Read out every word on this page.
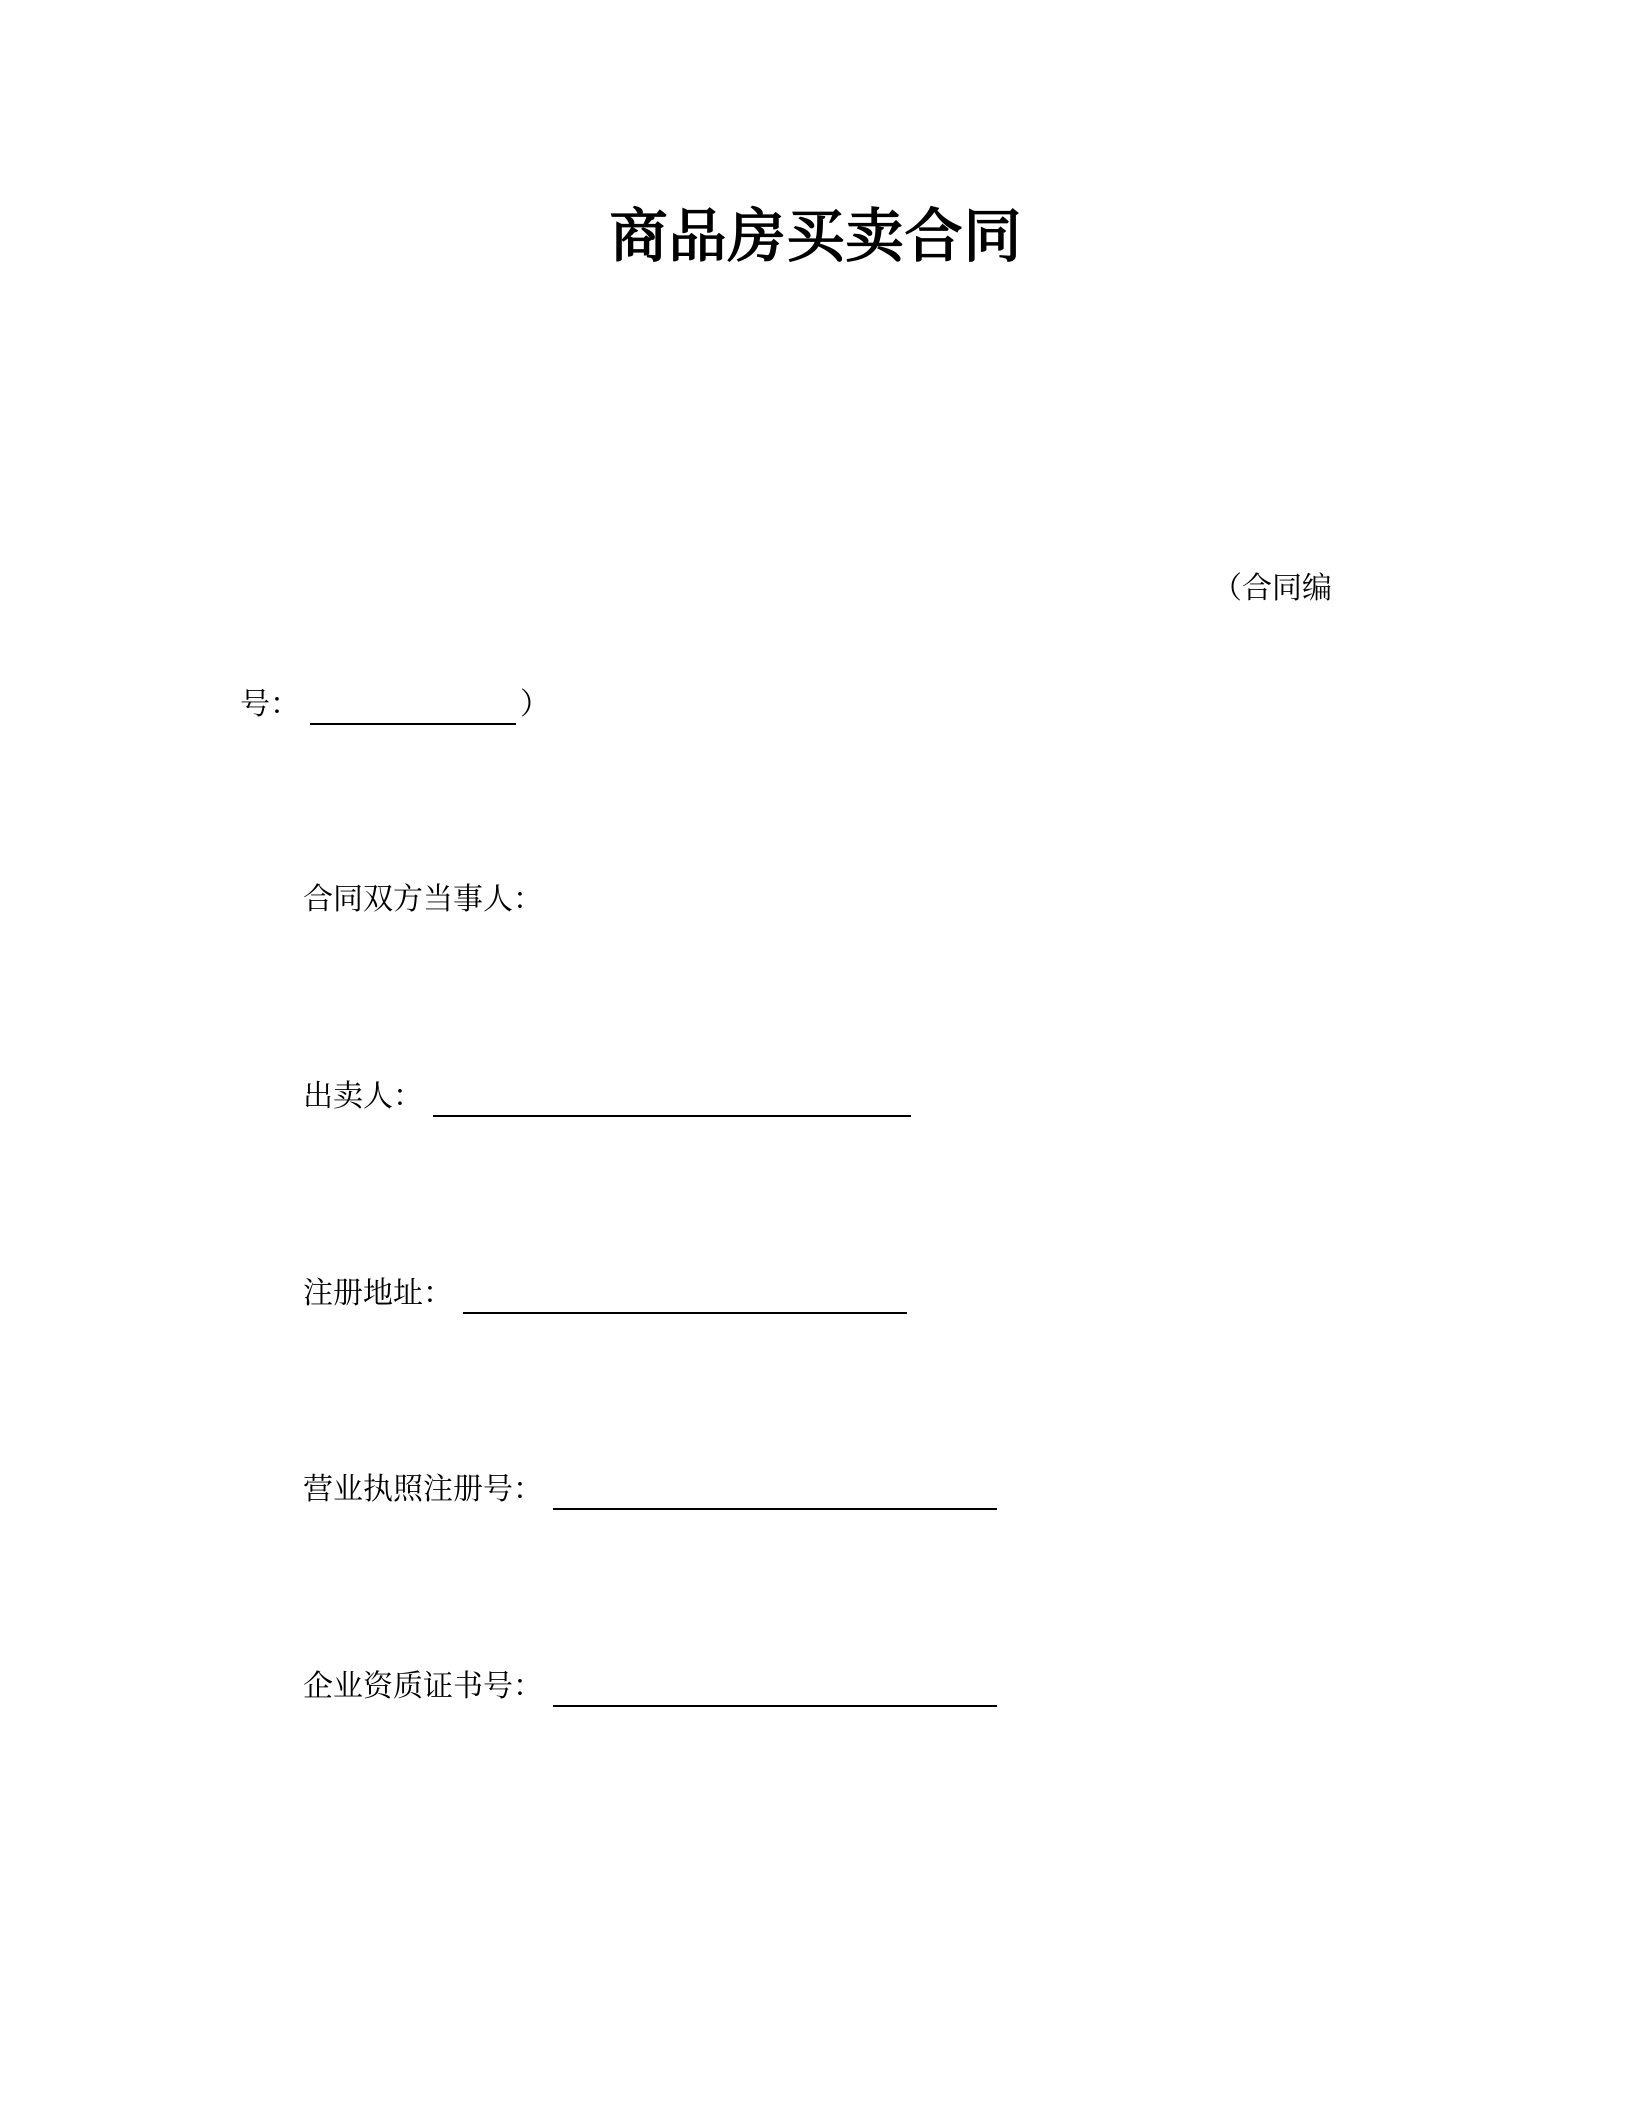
商品房买卖合同
（合同编
号：	）
合同双方当事人：
出卖人：
注册地址：
营业执照注册号：
企业资质证书号：
